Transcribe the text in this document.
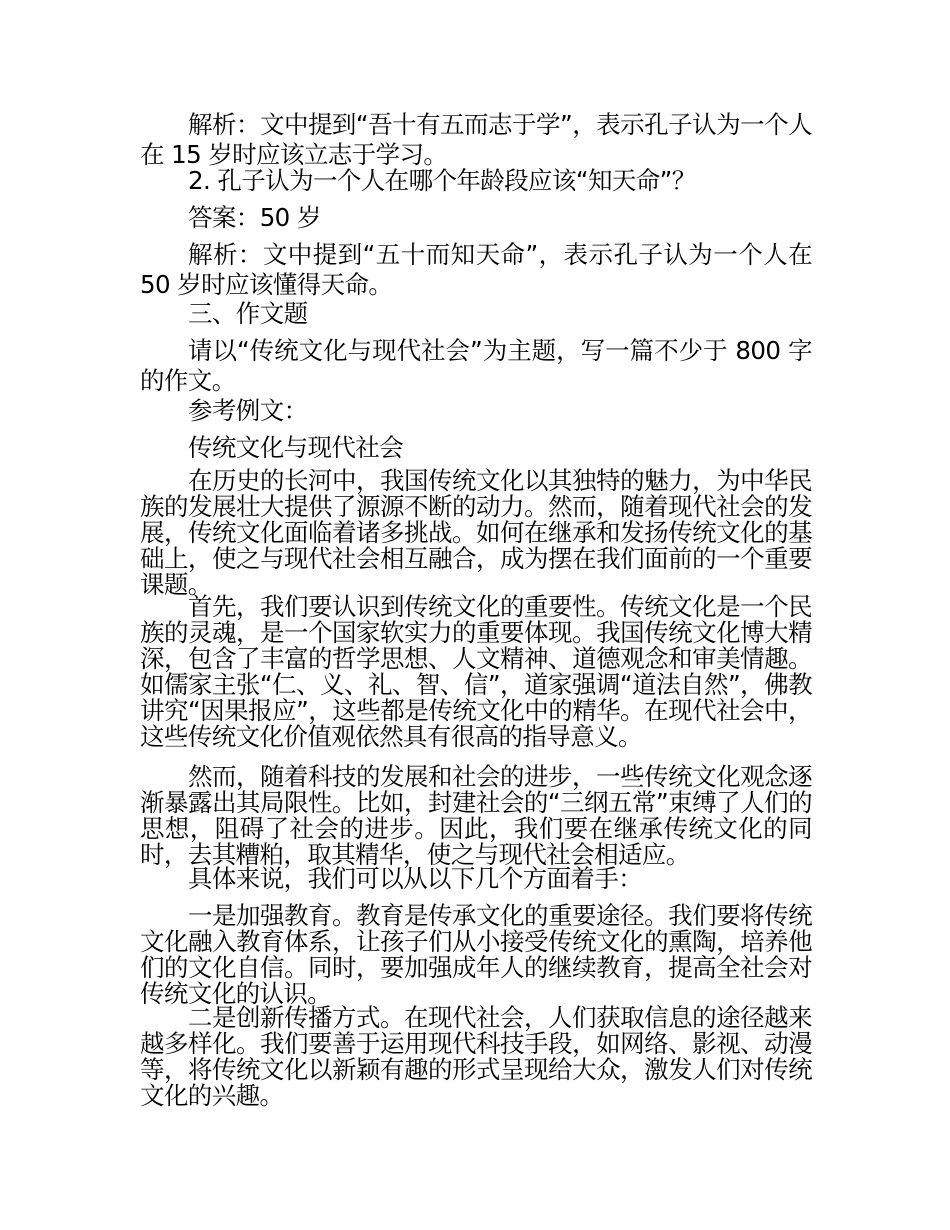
解析：文中提到“吾十有五而志于学”，表示孔子认为一个人在 15 岁时应该立志于学习。

2. 孔子认为一个人在哪个年龄段应该“知天命”？

答案：50 岁

解析：文中提到“五十而知天命”，表示孔子认为一个人在 50 岁时应该懂得天命。

三、作文题

请以“传统文化与现代社会”为主题，写一篇不少于 800 字的作文。

参考例文：

传统文化与现代社会

在历史的长河中，我国传统文化以其独特的魅力，为中华民族的发展壮大提供了源源不断的动力。然而，随着现代社会的发展，传统文化面临着诸多挑战。如何在继承和发扬传统文化的基础上，使之与现代社会相互融合，成为摆在我们面前的一个重要课题。

首先，我们要认识到传统文化的重要性。传统文化是一个民族的灵魂，是一个国家软实力的重要体现。我国传统文化博大精深，包含了丰富的哲学思想、人文精神、道德观念和审美情趣。如儒家主张“仁、义、礼、智、信”，道家强调“道法自然”，佛教讲究“因果报应”，这些都是传统文化中的精华。在现代社会中，这些传统文化价值观依然具有很高的指导意义。

然而，随着科技的发展和社会的进步，一些传统文化观念逐渐暴露出其局限性。比如，封建社会的“三纲五常”束缚了人们的思想，阻碍了社会的进步。因此，我们要在继承传统文化的同时，去其糟粕，取其精华，使之与现代社会相适应。

具体来说，我们可以从以下几个方面着手：

一是加强教育。教育是传承文化的重要途径。我们要将传统文化融入教育体系，让孩子们从小接受传统文化的熏陶，培养他们的文化自信。同时，要加强成年人的继续教育，提高全社会对传统文化的认识。

二是创新传播方式。在现代社会，人们获取信息的途径越来越多样化。我们要善于运用现代科技手段，如网络、影视、动漫等，将传统文化以新颖有趣的形式呈现给大众，激发人们对传统文化的兴趣。
